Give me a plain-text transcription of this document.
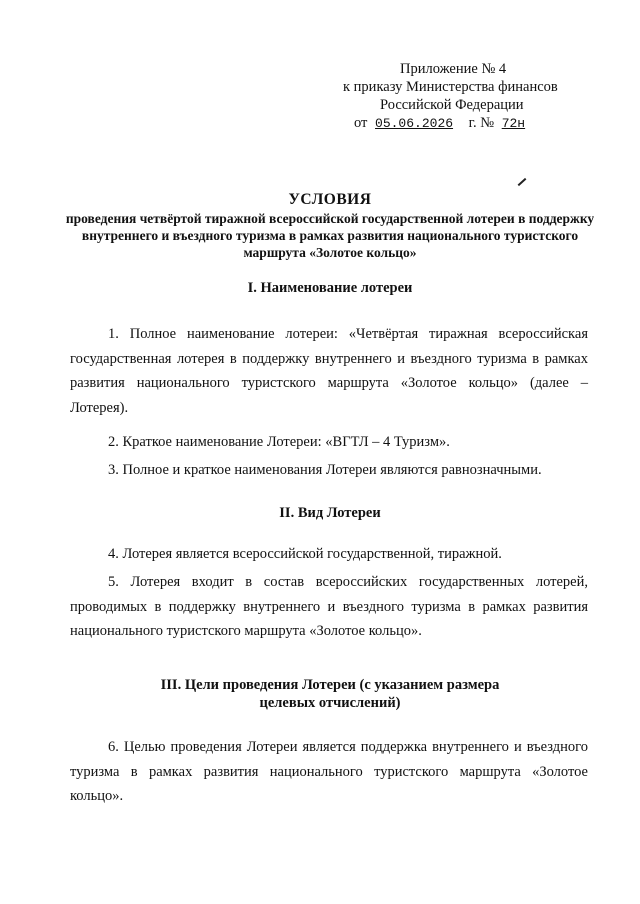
Приложение № 4
к приказу Министерства финансов
Российской Федерации
от 05.06.2026 г. № 72н
УСЛОВИЯ
проведения четвёртой тиражной всероссийской государственной лотереи в поддержку внутреннего и въездного туризма в рамках развития национального туристского маршрута «Золотое кольцо»
I. Наименование лотереи
1. Полное наименование лотереи: «Четвёртая тиражная всероссийская государственная лотерея в поддержку внутреннего и въездного туризма в рамках развития национального туристского маршрута «Золотое кольцо» (далее – Лотерея).
2. Краткое наименование Лотереи: «ВГТЛ – 4 Туризм».
3. Полное и краткое наименования Лотереи являются равнозначными.
II. Вид Лотереи
4. Лотерея является всероссийской государственной, тиражной.
5. Лотерея входит в состав всероссийских государственных лотерей, проводимых в поддержку внутреннего и въездного туризма в рамках развития национального туристского маршрута «Золотое кольцо».
III. Цели проведения Лотереи (с указанием размера
целевых отчислений)
6. Целью проведения Лотереи является поддержка внутреннего и въездного туризма в рамках развития национального туристского маршрута «Золотое кольцо».
